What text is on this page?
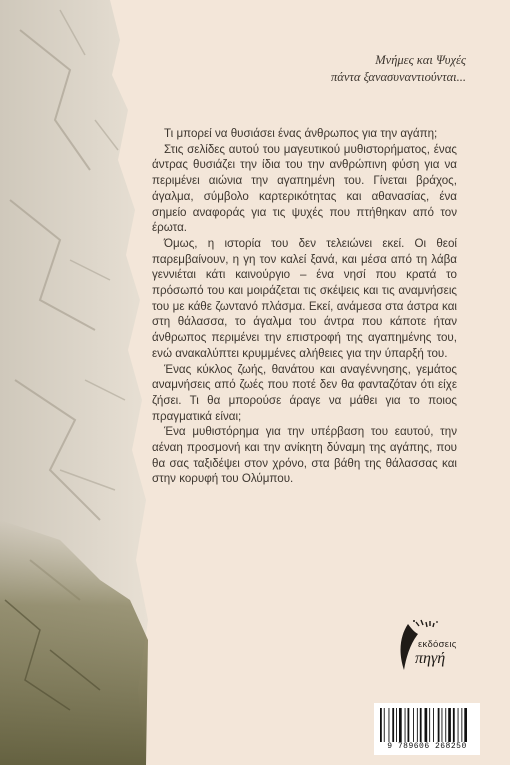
Μνήμες και Ψυχές
πάντα ξανασυναντιούνται...

Τι μπορεί να θυσιάσει ένας άνθρωπος για την αγάπη;

Στις σελίδες αυτού του μαγευτικού μυθιστορήματος, ένας άντρας θυσιάζει την ίδια του την ανθρώπινη φύση για να περιμένει αιώνια την αγαπημένη του. Γίνεται βράχος, άγαλμα, σύμβολο καρτερικότητας και αθανασίας, ένα σημείο αναφοράς για τις ψυχές που πτήθηκαν από τον έρωτα.

Όμως, η ιστορία του δεν τελειώνει εκεί. Οι θεοί παρεμβαίνουν, η γη τον καλεί ξανά, και μέσα από τη λάβα γεννιέται κάτι καινούργιο – ένα νησί που κρατά το πρόσωπό του και μοιράζεται τις σκέψεις και τις αναμνήσεις του με κάθε ζωντανό πλάσμα. Εκεί, ανάμεσα στα άστρα και στη θάλασσα, το άγαλμα του άντρα που κάποτε ήταν άνθρωπος περιμένει την επιστροφή της αγαπημένης του, ενώ ανακαλύπτει κρυμμένες αλήθειες για την ύπαρξή του.

Ένας κύκλος ζωής, θανάτου και αναγέννησης, γεμάτος αναμνήσεις από ζωές που ποτέ δεν θα φανταζόταν ότι είχε ζήσει. Τι θα μπορούσε άραγε να μάθει για το ποιος πραγματικά είναι;

Ένα μυθιστόρημα για την υπέρβαση του εαυτού, την αέναη προσμονή και την ανίκητη δύναμη της αγάπης, που θα σας ταξιδέψει στον χρόνο, στα βάθη της θάλασσας και στην κορυφή του Ολύμπου.

εκδόσεις
πηγή
9 789606 268250
